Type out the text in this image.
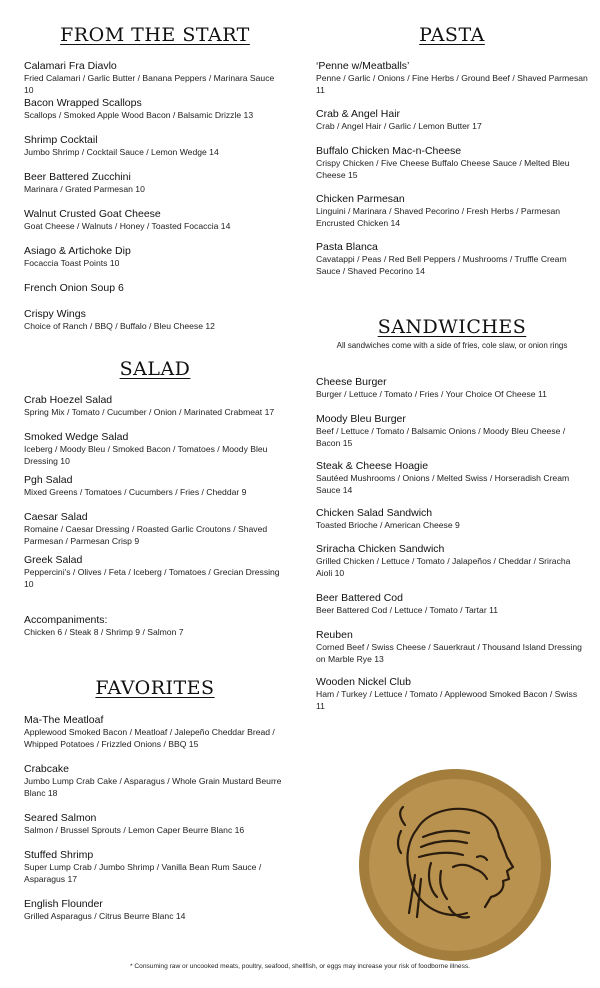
FROM THE START
SALAD
FAVORITES
Calamari Fra Diavlo
Fried Calamari / Garlic Butter / Banana Peppers / Marinara Sauce 10
Bacon Wrapped Scallops
Scallops / Smoked Apple Wood Bacon / Balsamic Drizzle 13
Shrimp Cocktail
Jumbo Shrimp / Cocktail Sauce / Lemon Wedge 14
Beer Battered Zucchini
Marinara / Grated Parmesan 10
Walnut Crusted Goat Cheese
Goat Cheese / Walnuts / Honey / Toasted Focaccia 14
Asiago & Artichoke Dip
Focaccia Toast Points 10
French Onion Soup 6
Crispy Wings
Choice of Ranch / BBQ / Buffalo / Bleu Cheese 12
Crab Hoezel Salad
Spring Mix / Tomato / Cucumber / Onion / Marinated Crabmeat 17
Smoked Wedge Salad
Iceberg / Moody Bleu / Smoked Bacon / Tomatoes / Moody Bleu Dressing 10
Pgh Salad
Mixed Greens / Tomatoes / Cucumbers / Fries / Cheddar 9
Caesar Salad
Romaine / Caesar Dressing / Roasted Garlic Croutons / Shaved Parmesan / Parmesan Crisp 9
Greek Salad
Peppercini's / Olives / Feta / Iceberg / Tomatoes / Grecian Dressing 10
Accompaniments:
Chicken 6 / Steak 8 / Shrimp 9 / Salmon 7
Ma-The Meatloaf
Applewood Smoked Bacon / Meatloaf / Jalepeño Cheddar Bread / Whipped Potatoes / Frizzled Onions / BBQ 15
Crabcake
Jumbo Lump Crab Cake / Asparagus / Whole Grain Mustard Beurre Blanc 18
Seared Salmon
Salmon / Brussel Sprouts / Lemon Caper Beurre Blanc 16
Stuffed Shrimp
Super Lump Crab / Jumbo Shrimp / Vanilla Bean Rum Sauce / Asparagus 17
English Flounder
Grilled Asparagus / Citrus Beurre Blanc 14
PASTA
SANDWICHES
All sandwiches come with a side of fries, cole slaw, or onion rings
‘Penne w/Meatballs’
Penne / Garlic / Onions / Fine Herbs / Ground Beef / Shaved Parmesan 11
Crab & Angel Hair
Crab / Angel Hair / Garlic / Lemon Butter 17
Buffalo Chicken Mac-n-Cheese
Crispy Chicken / Five Cheese Buffalo Cheese Sauce / Melted Bleu Cheese 15
Chicken Parmesan
Linguini / Marinara / Shaved Pecorino / Fresh Herbs / Parmesan Encrusted Chicken 14
Pasta Blanca
Cavatappi / Peas / Red Bell Peppers / Mushrooms / Truffle Cream Sauce / Shaved Pecorino 14
Cheese Burger
Burger / Lettuce / Tomato / Fries / Your Choice Of Cheese 11
Moody Bleu Burger
Beef / Lettuce / Tomato / Balsamic Onions / Moody Bleu Cheese / Bacon 15
Steak & Cheese Hoagie
Sautéed Mushrooms / Onions / Melted Swiss / Horseradish Cream Sauce 14
Chicken Salad Sandwich
Toasted Brioche / American Cheese 9
Sriracha Chicken Sandwich
Grilled Chicken / Lettuce / Tomato / Jalapeños / Cheddar / Sriracha Aioli 10
Beer Battered Cod
Beer Battered Cod / Lettuce / Tomato / Tartar 11
Reuben
Corned Beef / Swiss Cheese / Sauerkraut / Thousand Island Dressing on Marble Rye 13
Wooden Nickel Club
Ham / Turkey / Lettuce / Tomato / Applewood Smoked Bacon / Swiss 11
* Consuming raw or uncooked meats, poultry, seafood, shellfish, or eggs may increase your risk of foodborne illness.
